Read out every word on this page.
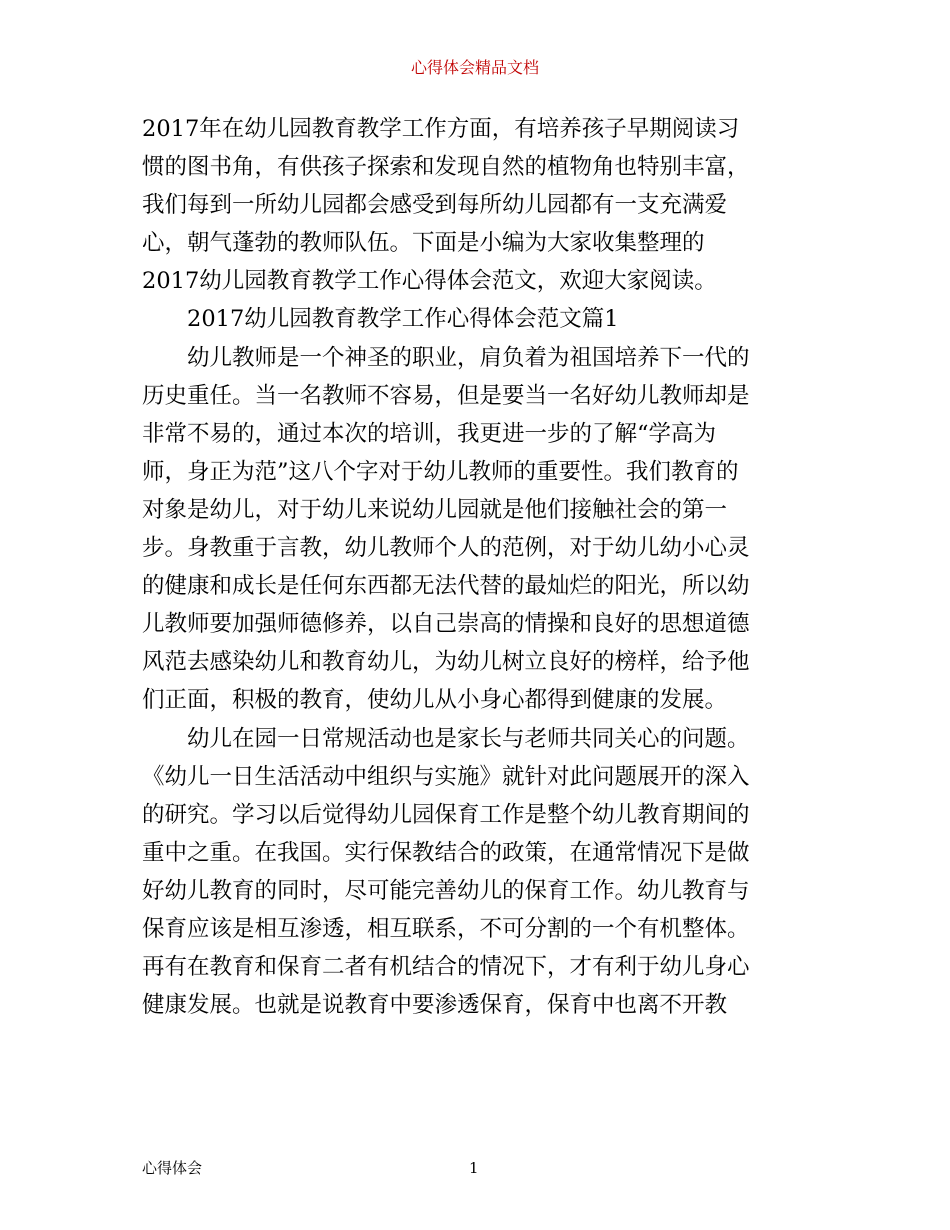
心得体会精品文档
2017年在幼儿园教育教学工作方面，有培养孩子早期阅读习
惯的图书角，有供孩子探索和发现自然的植物角也特别丰富，
我们每到一所幼儿园都会感受到每所幼儿园都有一支充满爱
心，朝气蓬勃的教师队伍。下面是小编为大家收集整理的
2017幼儿园教育教学工作心得体会范文，欢迎大家阅读。
　　2017幼儿园教育教学工作心得体会范文篇1
　　幼儿教师是一个神圣的职业，肩负着为祖国培养下一代的
历史重任。当一名教师不容易，但是要当一名好幼儿教师却是
非常不易的，通过本次的培训，我更进一步的了解“学高为
师，身正为范”这八个字对于幼儿教师的重要性。我们教育的
对象是幼儿，对于幼儿来说幼儿园就是他们接触社会的第一
步。身教重于言教，幼儿教师个人的范例，对于幼儿幼小心灵
的健康和成长是任何东西都无法代替的最灿烂的阳光，所以幼
儿教师要加强师德修养，以自己崇高的情操和良好的思想道德
风范去感染幼儿和教育幼儿，为幼儿树立良好的榜样，给予他
们正面，积极的教育，使幼儿从小身心都得到健康的发展。
　　幼儿在园一日常规活动也是家长与老师共同关心的问题。
《幼儿一日生活活动中组织与实施》就针对此问题展开的深入
的研究。学习以后觉得幼儿园保育工作是整个幼儿教育期间的
重中之重。在我国。实行保教结合的政策，在通常情况下是做
好幼儿教育的同时，尽可能完善幼儿的保育工作。幼儿教育与
保育应该是相互渗透，相互联系，不可分割的一个有机整体。
再有在教育和保育二者有机结合的情况下，才有利于幼儿身心
健康发展。也就是说教育中要渗透保育，保育中也离不开教
心得体会	1
